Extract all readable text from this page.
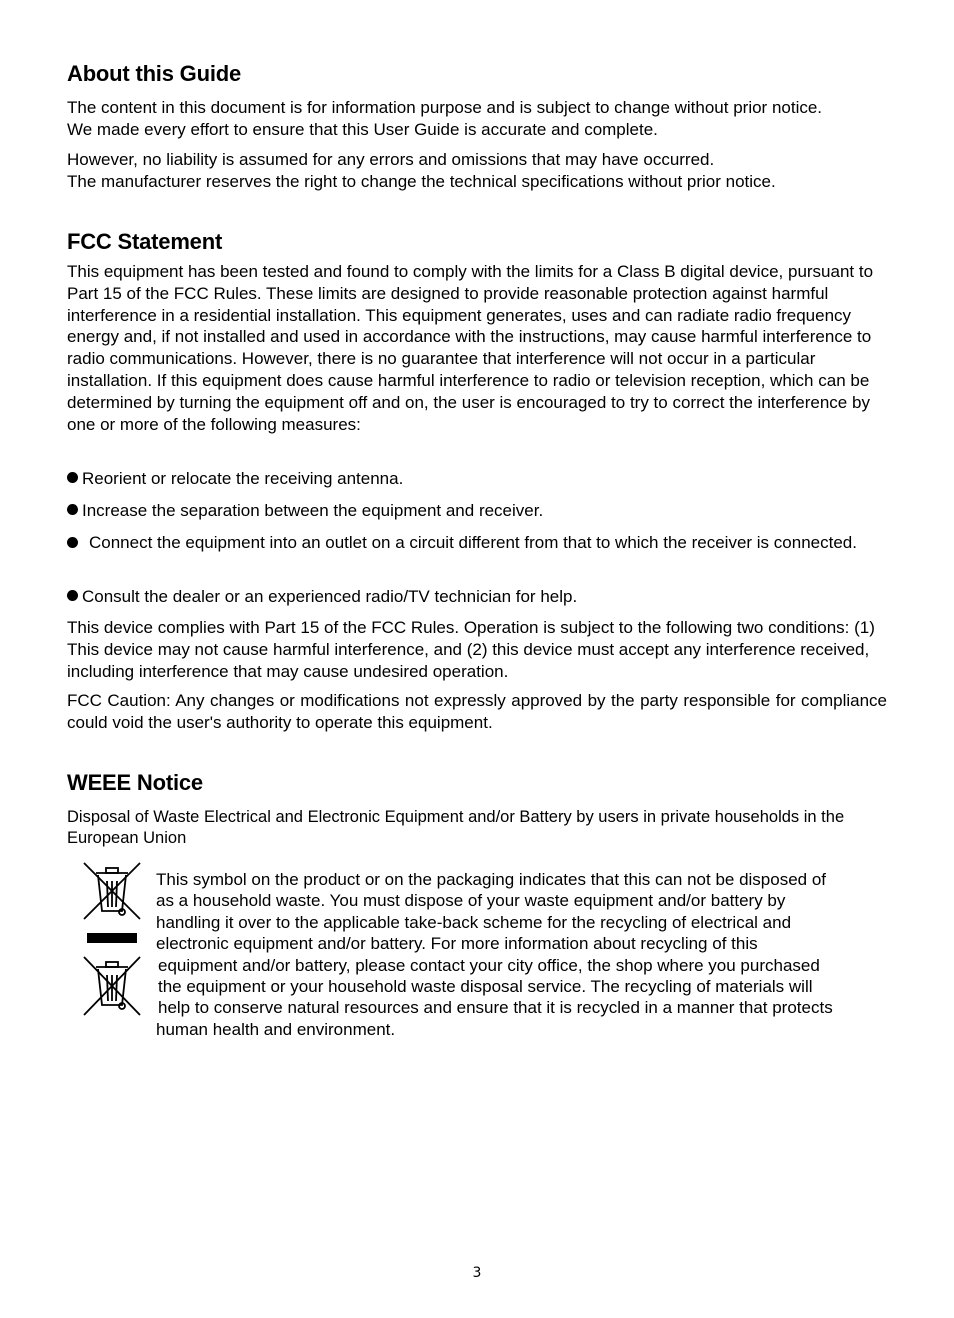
About this Guide
The content in this document is for information purpose and is subject to change without prior notice.
We made every effort to ensure that this User Guide is accurate and complete.
However, no liability is assumed for any errors and omissions that may have occurred.
The manufacturer reserves the right to change the technical specifications without prior notice.
FCC Statement
This equipment has been tested and found to comply with the limits for a Class B digital device, pursuant to Part 15 of the FCC Rules. These limits are designed to provide reasonable protection against harmful interference in a residential installation. This equipment generates, uses and can radiate radio frequency energy and, if not installed and used in accordance with the instructions, may cause harmful interference to radio communications. However, there is no guarantee that interference will not occur in a particular installation. If this equipment does cause harmful interference to radio or television reception, which can be determined by turning the equipment off and on, the user is encouraged to try to correct the interference by one or more of the following measures:
Reorient or relocate the receiving antenna.
Increase the separation between the equipment and receiver.
Connect the equipment into an outlet on a circuit different from that to which the receiver is connected.
Consult the dealer or an experienced radio/TV technician for help.
This device complies with Part 15 of the FCC Rules. Operation is subject to the following two conditions: (1) This device may not cause harmful interference, and (2) this device must accept any interference received, including interference that may cause undesired operation.
FCC Caution: Any changes or modifications not expressly approved by the party responsible for compliance could void the user's authority to operate this equipment.
WEEE Notice
Disposal of Waste Electrical and Electronic Equipment and/or Battery by users in private households in the European Union
This symbol on the product or on the packaging indicates that this can not be disposed of
as a household waste. You must dispose of your waste equipment and/or battery by
handling it over to the applicable take-back scheme for the recycling of electrical and
electronic equipment and/or battery. For more information about recycling of this
equipment and/or battery, please contact your city office, the shop where you purchased
the equipment or your household waste disposal service. The recycling of materials will
help to conserve natural resources and ensure that it is recycled in a manner that protects
human health and environment.
3
